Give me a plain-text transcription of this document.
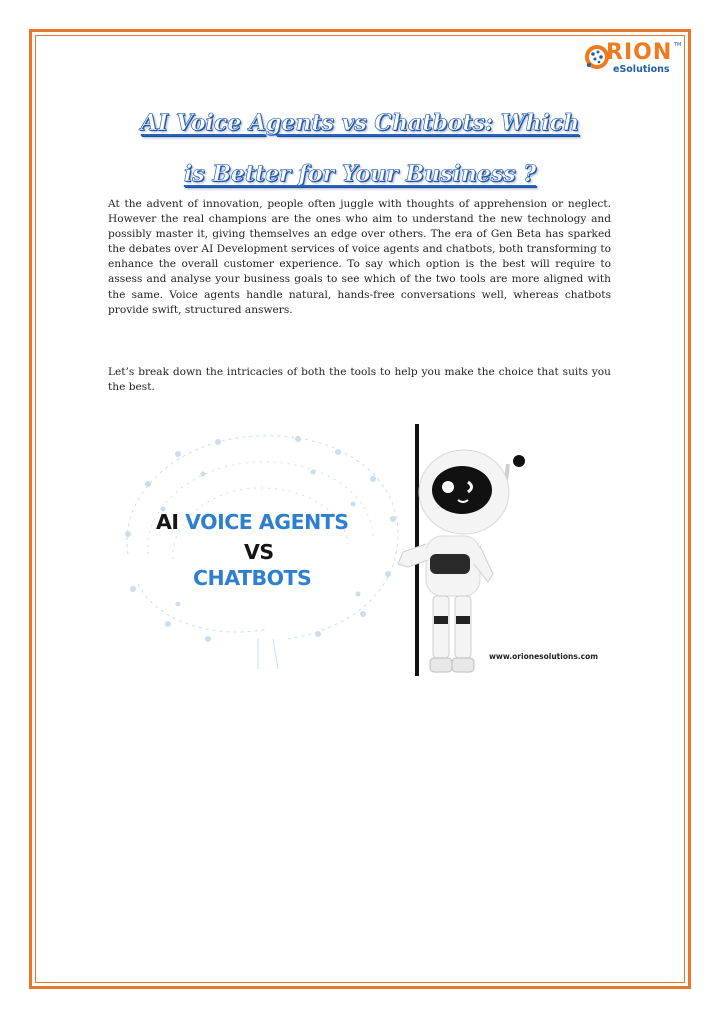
RION
eSolutions
TM
AI Voice Agents vs Chatbots: Which
is Better for Your Business ?

At the advent of innovation, people often juggle with thoughts of apprehension or neglect. However the real champions are the ones who aim to understand the new technology and possibly master it, giving themselves an edge over others. The era of Gen Beta has sparked the debates over AI Development services of voice agents and chatbots, both transforming to enhance the overall customer experience. To say which option is the best will require to assess and analyse your business goals to see which of the two tools are more aligned with the same. Voice agents handle natural, hands-free conversations well, whereas chatbots provide swift, structured answers.

Let’s break down the intricacies of both the tools to help you make the choice that suits you the best.

AI VOICE AGENTS
VS
CHATBOTS
www.orionesolutions.com
